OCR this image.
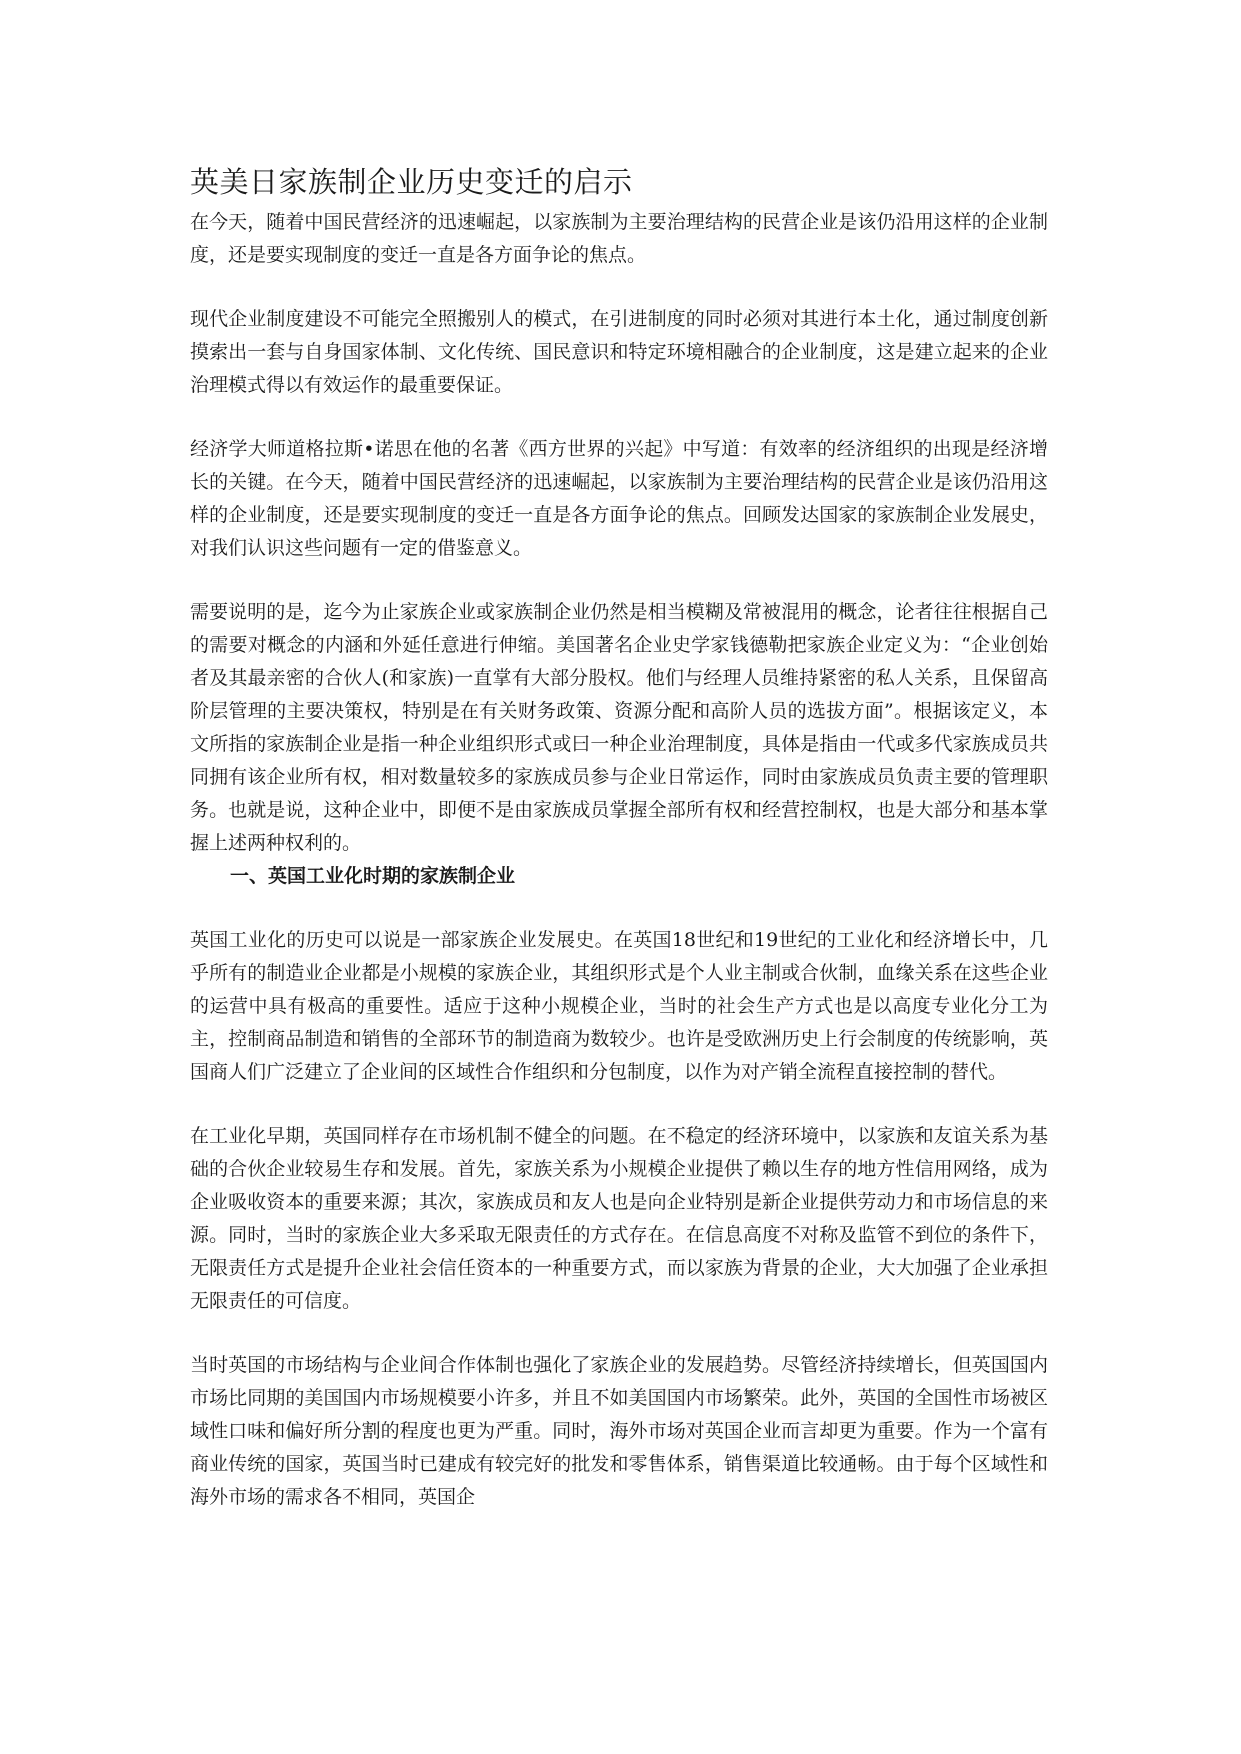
英美日家族制企业历史变迁的启示

在今天，随着中国民营经济的迅速崛起，以家族制为主要治理结构的民营企业是该仍沿用这样的企业制度，还是要实现制度的变迁一直是各方面争论的焦点。

现代企业制度建设不可能完全照搬别人的模式，在引进制度的同时必须对其进行本土化，通过制度创新摸索出一套与自身国家体制、文化传统、国民意识和特定环境相融合的企业制度，这是建立起来的企业治理模式得以有效运作的最重要保证。

经济学大师道格拉斯•诺思在他的名著《西方世界的兴起》中写道：有效率的经济组织的出现是经济增长的关键。在今天，随着中国民营经济的迅速崛起，以家族制为主要治理结构的民营企业是该仍沿用这样的企业制度，还是要实现制度的变迁一直是各方面争论的焦点。回顾发达国家的家族制企业发展史，对我们认识这些问题有一定的借鉴意义。

需要说明的是，迄今为止家族企业或家族制企业仍然是相当模糊及常被混用的概念，论者往往根据自己的需要对概念的内涵和外延任意进行伸缩。美国著名企业史学家钱德勒把家族企业定义为：“企业创始者及其最亲密的合伙人(和家族)一直掌有大部分股权。他们与经理人员维持紧密的私人关系，且保留高阶层管理的主要决策权，特别是在有关财务政策、资源分配和高阶人员的选拔方面”。根据该定义，本文所指的家族制企业是指一种企业组织形式或曰一种企业治理制度，具体是指由一代或多代家族成员共同拥有该企业所有权，相对数量较多的家族成员参与企业日常运作，同时由家族成员负责主要的管理职务。也就是说，这种企业中，即便不是由家族成员掌握全部所有权和经营控制权，也是大部分和基本掌握上述两种权利的。

一、英国工业化时期的家族制企业

英国工业化的历史可以说是一部家族企业发展史。在英国18世纪和19世纪的工业化和经济增长中，几乎所有的制造业企业都是小规模的家族企业，其组织形式是个人业主制或合伙制，血缘关系在这些企业的运营中具有极高的重要性。适应于这种小规模企业，当时的社会生产方式也是以高度专业化分工为主，控制商品制造和销售的全部环节的制造商为数较少。也许是受欧洲历史上行会制度的传统影响，英国商人们广泛建立了企业间的区域性合作组织和分包制度，以作为对产销全流程直接控制的替代。

在工业化早期，英国同样存在市场机制不健全的问题。在不稳定的经济环境中，以家族和友谊关系为基础的合伙企业较易生存和发展。首先，家族关系为小规模企业提供了赖以生存的地方性信用网络，成为企业吸收资本的重要来源；其次，家族成员和友人也是向企业特别是新企业提供劳动力和市场信息的来源。同时，当时的家族企业大多采取无限责任的方式存在。在信息高度不对称及监管不到位的条件下，无限责任方式是提升企业社会信任资本的一种重要方式，而以家族为背景的企业，大大加强了企业承担无限责任的可信度。

当时英国的市场结构与企业间合作体制也强化了家族企业的发展趋势。尽管经济持续增长，但英国国内市场比同期的美国国内市场规模要小许多，并且不如美国国内市场繁荣。此外，英国的全国性市场被区域性口味和偏好所分割的程度也更为严重。同时，海外市场对英国企业而言却更为重要。作为一个富有商业传统的国家，英国当时已建成有较完好的批发和零售体系，销售渠道比较通畅。由于每个区域性和海外市场的需求各不相同，英国企
